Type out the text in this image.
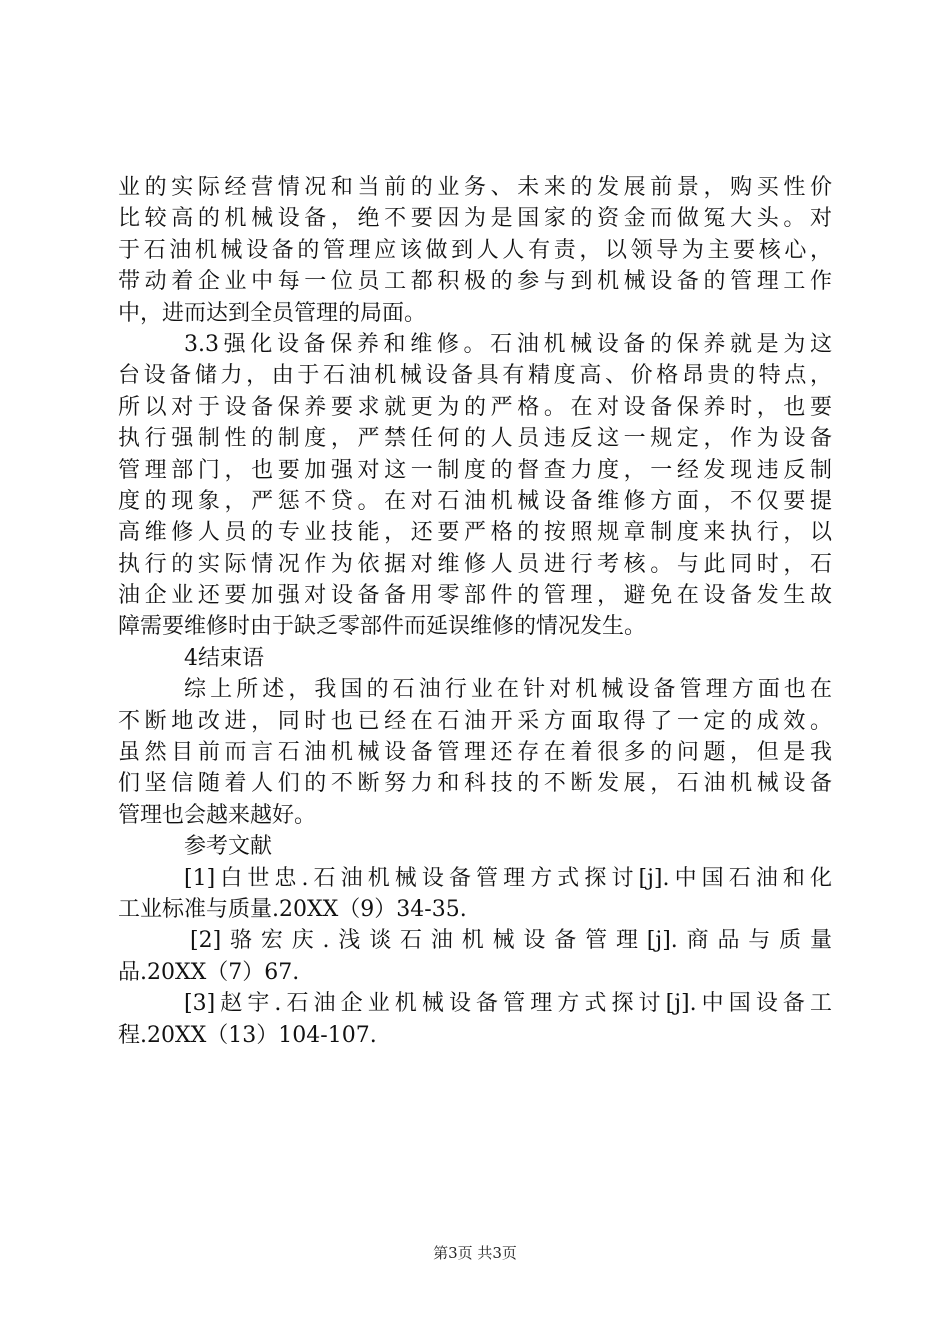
业的实际经营情况和当前的业务、未来的发展前景，购买性价
比较高的机械设备，绝不要因为是国家的资金而做冤大头。对
于石油机械设备的管理应该做到人人有责，以领导为主要核心，
带动着企业中每一位员工都积极的参与到机械设备的管理工作
中，进而达到全员管理的局面。
3.3强化设备保养和维修。石油机械设备的保养就是为这
台设备储力，由于石油机械设备具有精度高、价格昂贵的特点，
所以对于设备保养要求就更为的严格。在对设备保养时，也要
执行强制性的制度，严禁任何的人员违反这一规定，作为设备
管理部门，也要加强对这一制度的督查力度，一经发现违反制
度的现象，严惩不贷。在对石油机械设备维修方面，不仅要提
高维修人员的专业技能，还要严格的按照规章制度来执行，以
执行的实际情况作为依据对维修人员进行考核。与此同时，石
油企业还要加强对设备备用零部件的管理，避免在设备发生故
障需要维修时由于缺乏零部件而延误维修的情况发生。
4结束语
综上所述，我国的石油行业在针对机械设备管理方面也在
不断地改进，同时也已经在石油开采方面取得了一定的成效。
虽然目前而言石油机械设备管理还存在着很多的问题，但是我
们坚信随着人们的不断努力和科技的不断发展，石油机械设备
管理也会越来越好。
参考文献
[1]白世忠.石油机械设备管理方式探讨[j].中国石油和化
工业标准与质量.20XX（9）34-35.
[2]骆宏庆.浅谈石油机械设备管理[j].商品与质量
品.20XX（7）67.
[3]赵宇.石油企业机械设备管理方式探讨[j].中国设备工
程.20XX（13）104-107.
第3页 共3页
